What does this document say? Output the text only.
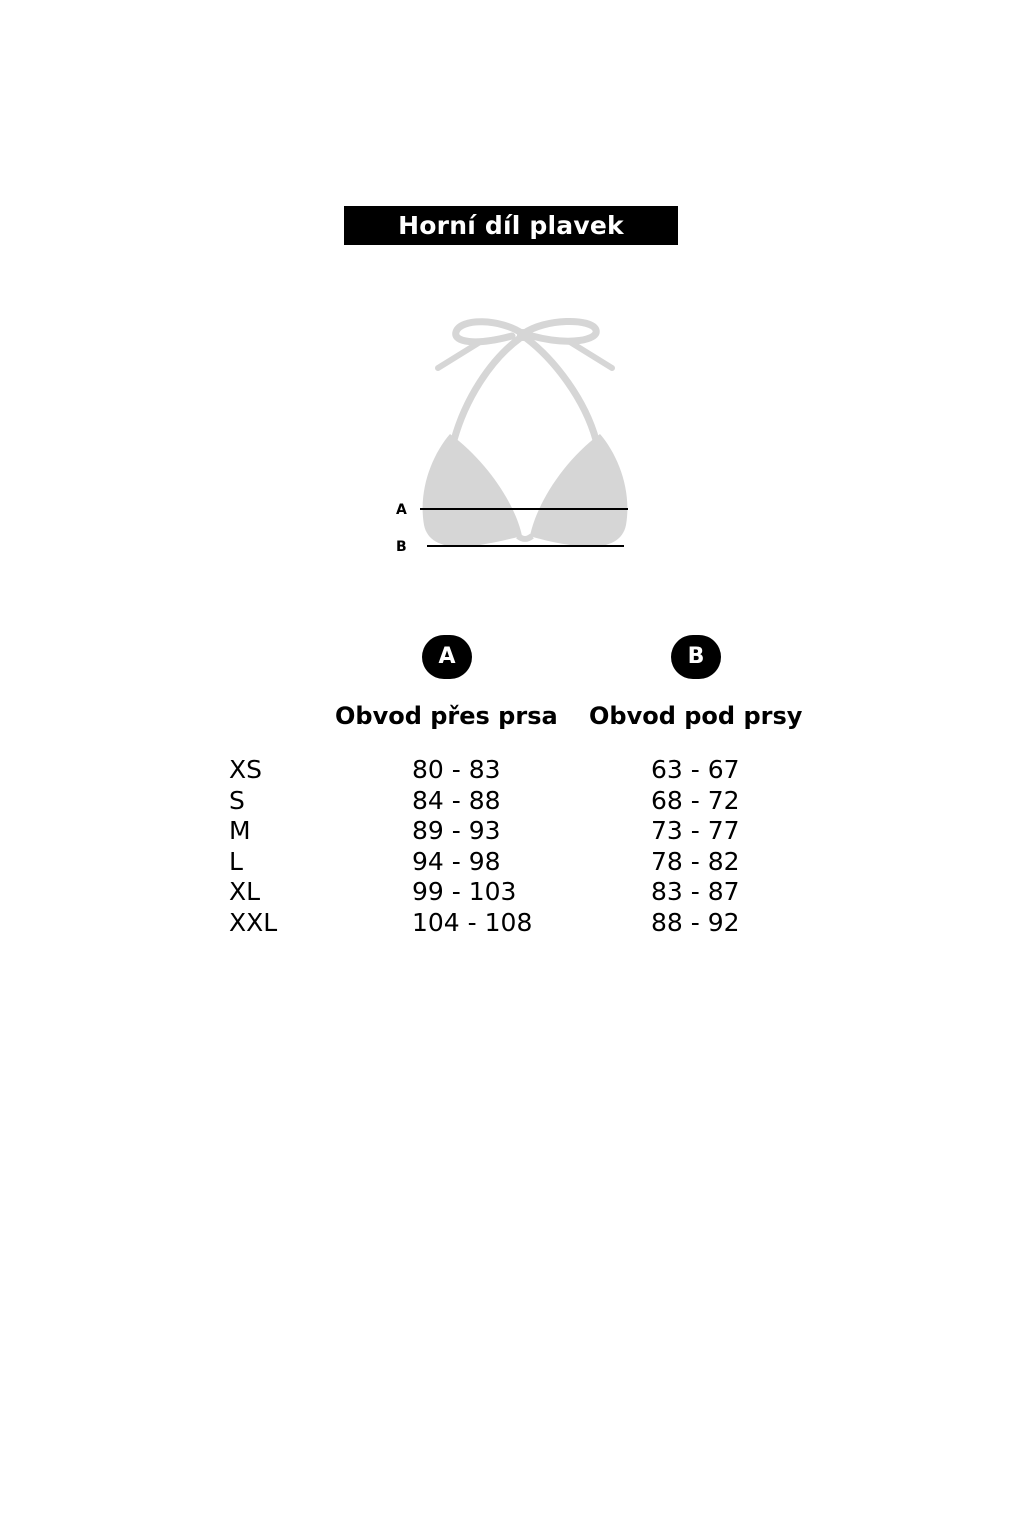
Horní díl plavek
A
B
A	B
Obvod přes prsa Obvod pod prsy
XS	80 - 83	63 - 67
S	84 - 88	68 - 72
M	89 - 93	73 - 77
L	94 - 98	78 - 82
XL	99 - 103	83 - 87
XXL	104 - 108	88 - 92
